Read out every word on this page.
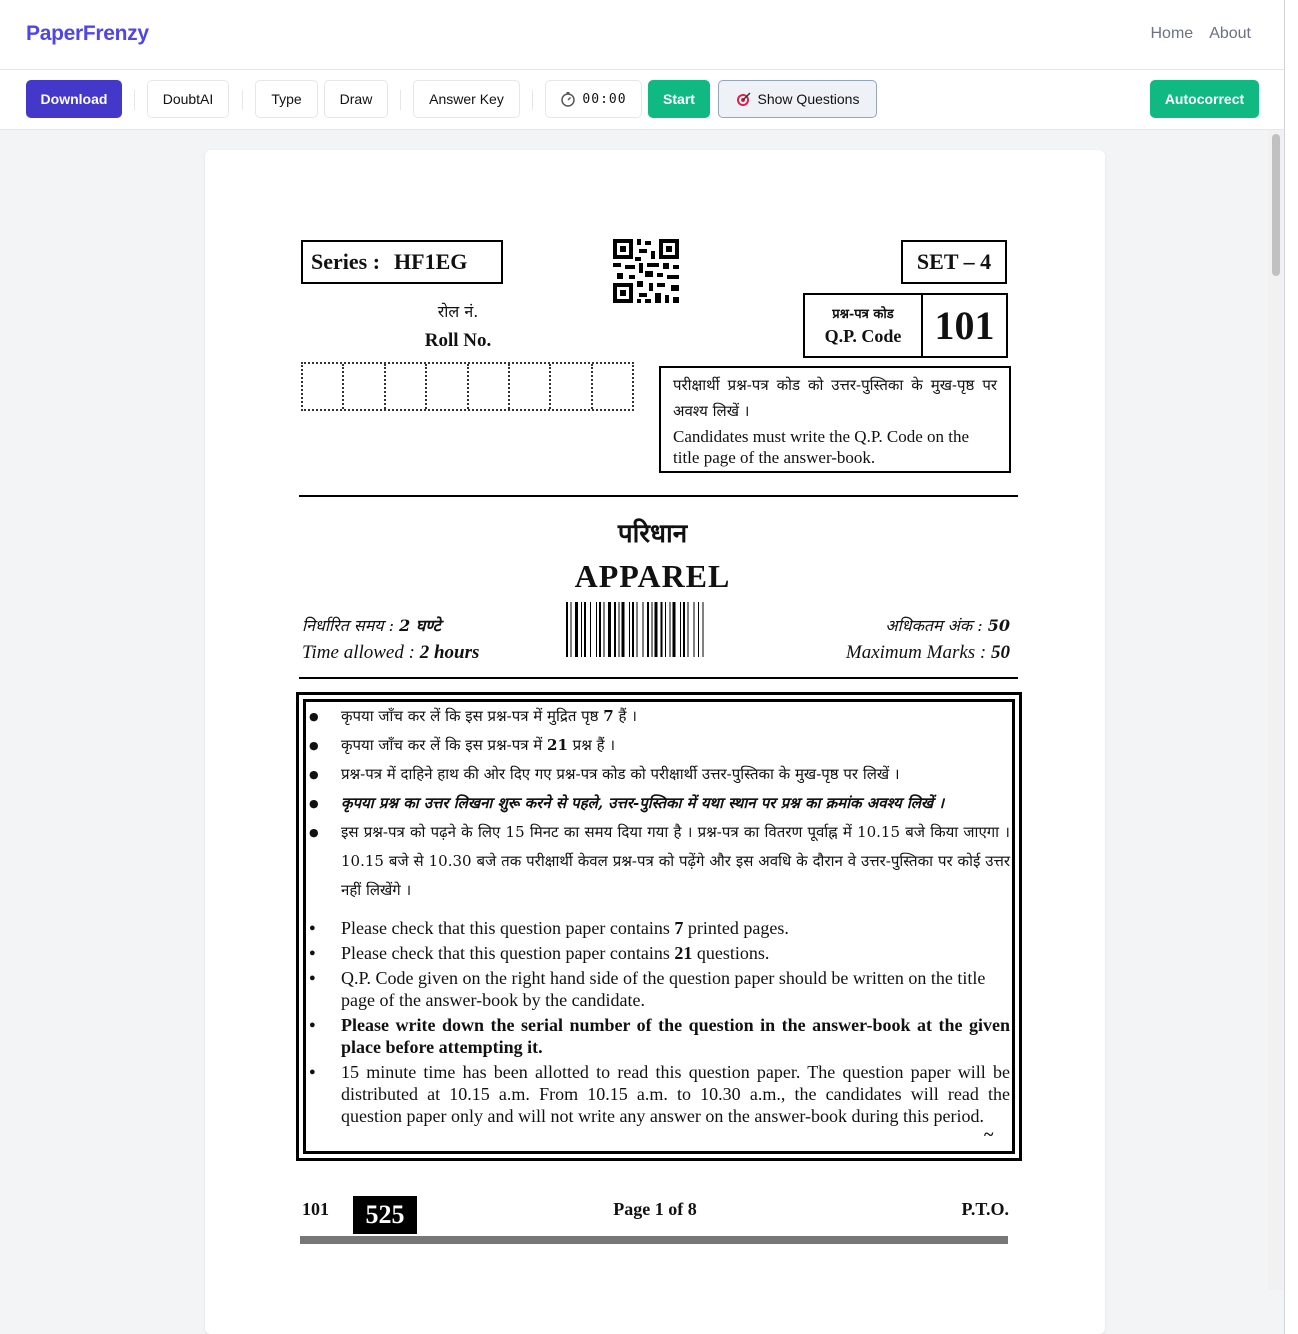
PaperFrenzy	Home About
Download	DoubtAI	Type	Draw	Answer Key	00:00	Start	Show Questions	Autocorrect
Series : HF1EG	SET – 4
रोल नं.
Roll No.
प्रश्न-पत्र कोड
Q.P. Code 101
परीक्षार्थी प्रश्न-पत्र कोड को उत्तर-पुस्तिका के मुख-पृष्ठ पर अवश्य लिखें ।
Candidates must write the Q.P. Code on the title page of the answer-book.
परिधान
APPAREL
निर्धारित समय : 2 घण्टे
Time allowed : 2 hours
अधिकतम अंक : 50
Maximum Marks : 50
● कृपया जाँच कर लें कि इस प्रश्न-पत्र में मुद्रित पृष्ठ 7 हैं ।
● कृपया जाँच कर लें कि इस प्रश्न-पत्र में 21 प्रश्न हैं ।
● प्रश्न-पत्र में दाहिने हाथ की ओर दिए गए प्रश्न-पत्र कोड को परीक्षार्थी उत्तर-पुस्तिका के मुख-पृष्ठ पर लिखें ।
● कृपया प्रश्न का उत्तर लिखना शुरू करने से पहले, उत्तर-पुस्तिका में यथा स्थान पर प्रश्न का क्रमांक अवश्य लिखें ।
● इस प्रश्न-पत्र को पढ़ने के लिए 15 मिनट का समय दिया गया है । प्रश्न-पत्र का वितरण पूर्वाह्न में 10.15 बजे किया जाएगा । 10.15 बजे से 10.30 बजे तक परीक्षार्थी केवल प्रश्न-पत्र को पढ़ेंगे और इस अवधि के दौरान वे उत्तर-पुस्तिका पर कोई उत्तर नहीं लिखेंगे ।
● Please check that this question paper contains 7 printed pages.
● Please check that this question paper contains 21 questions.
● Q.P. Code given on the right hand side of the question paper should be written on the title page of the answer-book by the candidate.
● Please write down the serial number of the question in the answer-book at the given place before attempting it.
● 15 minute time has been allotted to read this question paper. The question paper will be distributed at 10.15 a.m. From 10.15 a.m. to 10.30 a.m., the candidates will read the question paper only and will not write any answer on the answer-book during this period.
~
101	525	Page 1 of 8	P.T.O.
